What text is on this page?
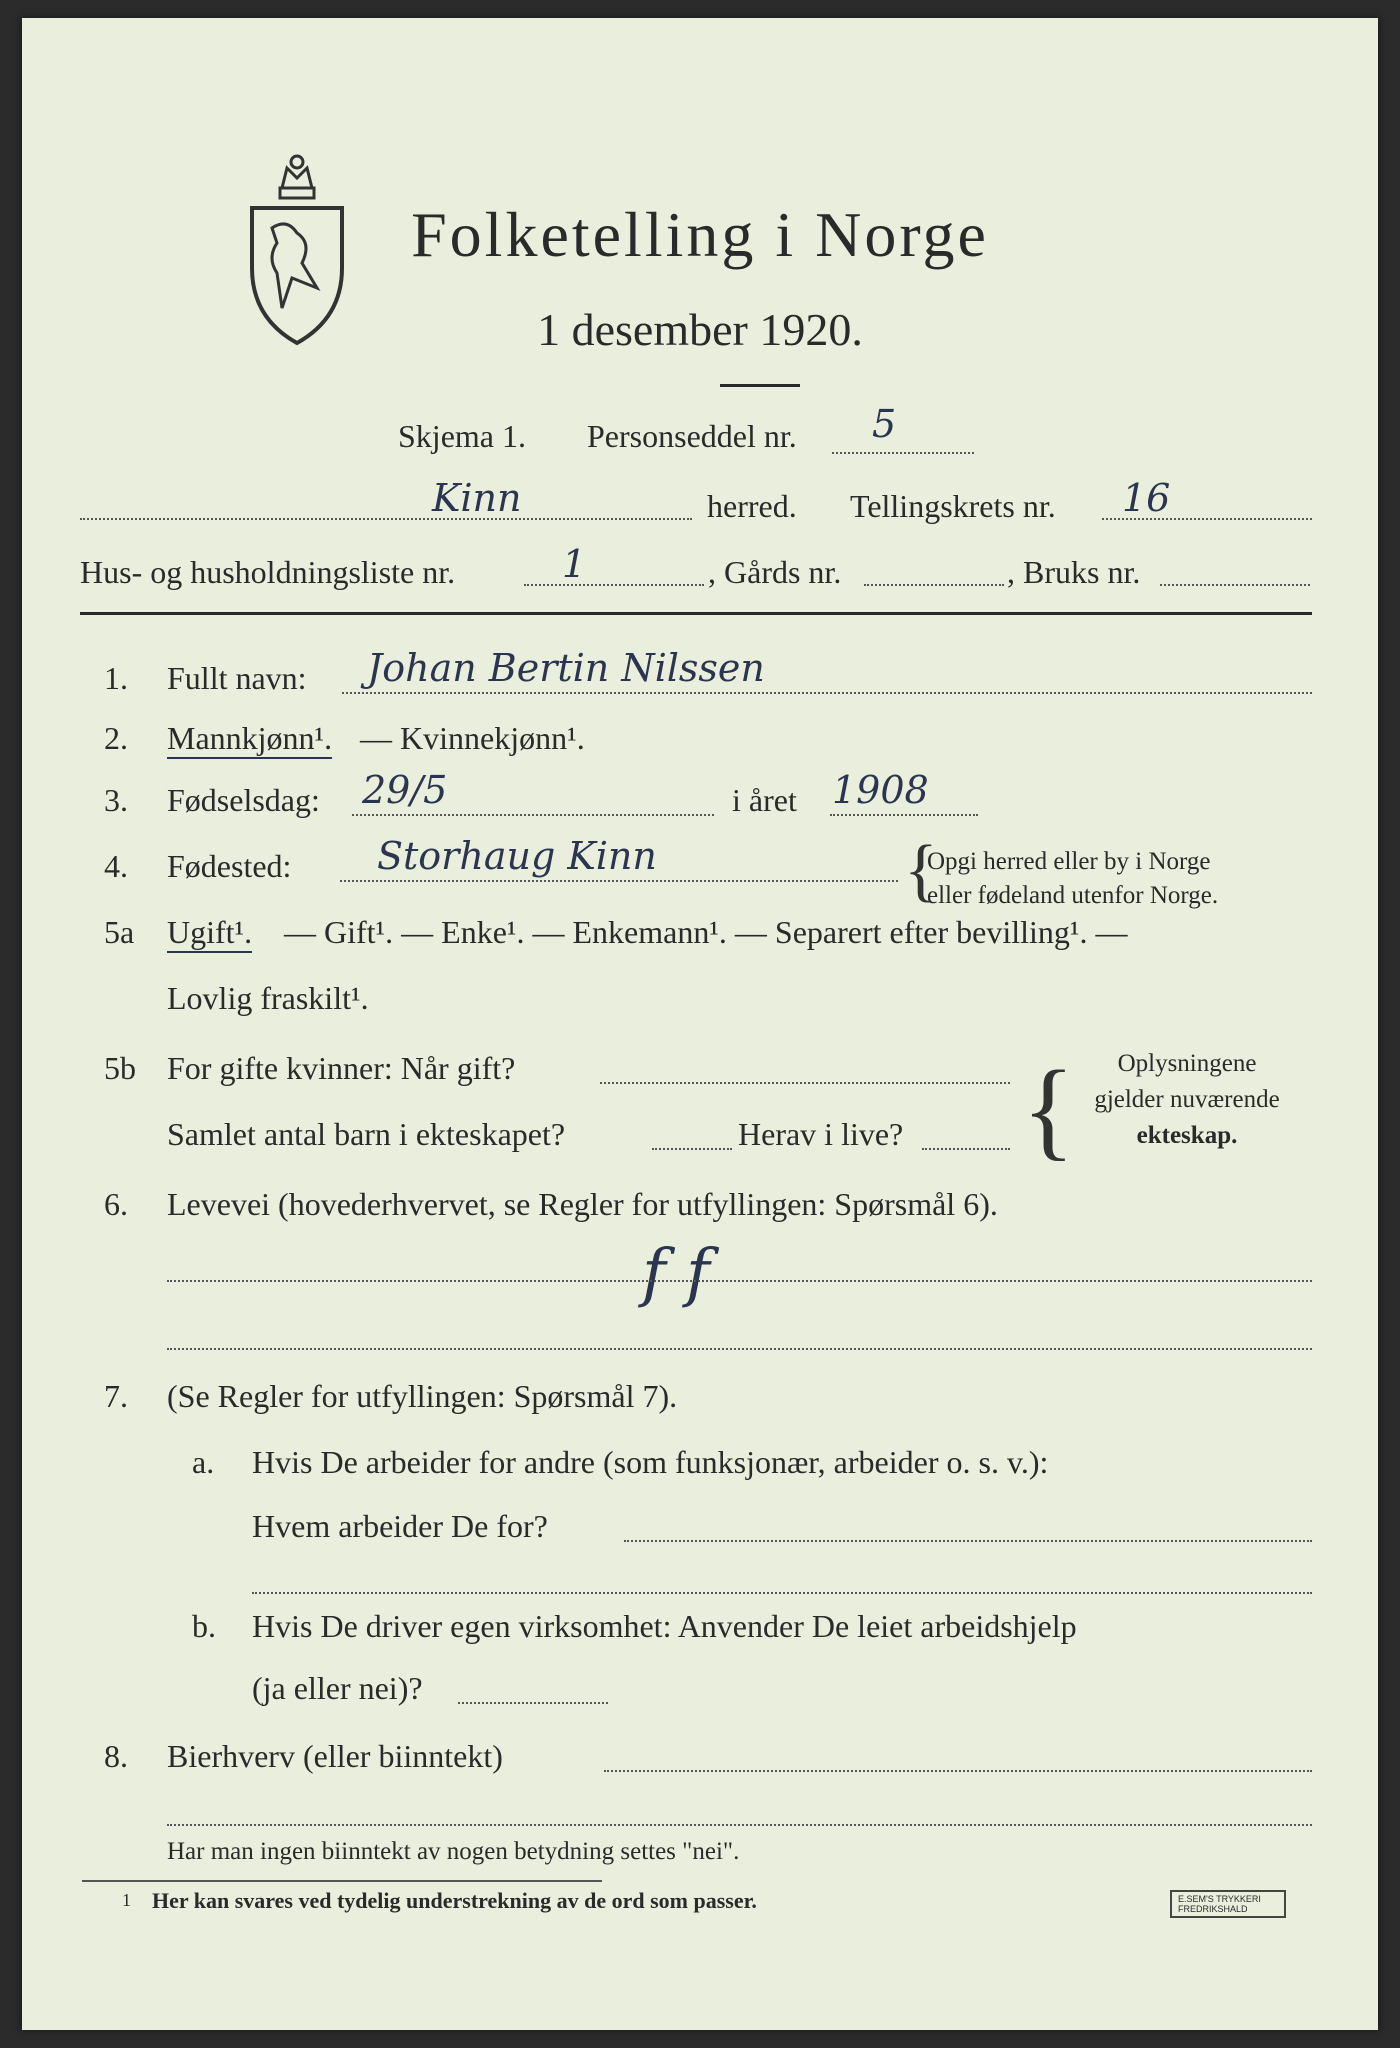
Folketelling i Norge
1 desember 1920.
Skjema 1. Personseddel nr. 5
Kinn	herred. Tellingskrets nr. 16
Hus- og husholdningsliste nr.	1	, Gårds nr.	, Bruks nr.
1. Fullt navn: Johan Bertin Nilssen
2. Mannkjønn¹. — Kvinnekjønn¹.
3. Fødselsdag: 29/5	i året 1908
4. Fødested: Storhaug Kinn	{
Opgi herred eller by i Norge
eller fødeland utenfor Norge.
5a Ugift¹. — Gift¹. — Enke¹. — Enkemann¹. — Separert efter bevilling¹. —
Lovlig fraskilt¹.
5b For gifte kvinner: Når gift?
Samlet antal barn i ekteskapet?	Herav i live? {	Oplysningene
gjelder nuværende
ekteskap.
6. Levevei (hovederhvervet, se Regler for utfyllingen: Spørsmål 6).
f f
7. (Se Regler for utfyllingen: Spørsmål 7).
a. Hvis De arbeider for andre (som funksjonær, arbeider o. s. v.):
Hvem arbeider De for?
b. Hvis De driver egen virksomhet: Anvender De leiet arbeidshjelp
(ja eller nei)?
8. Bierhverv (eller biinntekt)
Har man ingen biinntekt av nogen betydning settes "nei".
1 Her kan svares ved tydelig understrekning av de ord som passer.	E.SEM'S TRYKKERI FREDRIKSHALD
